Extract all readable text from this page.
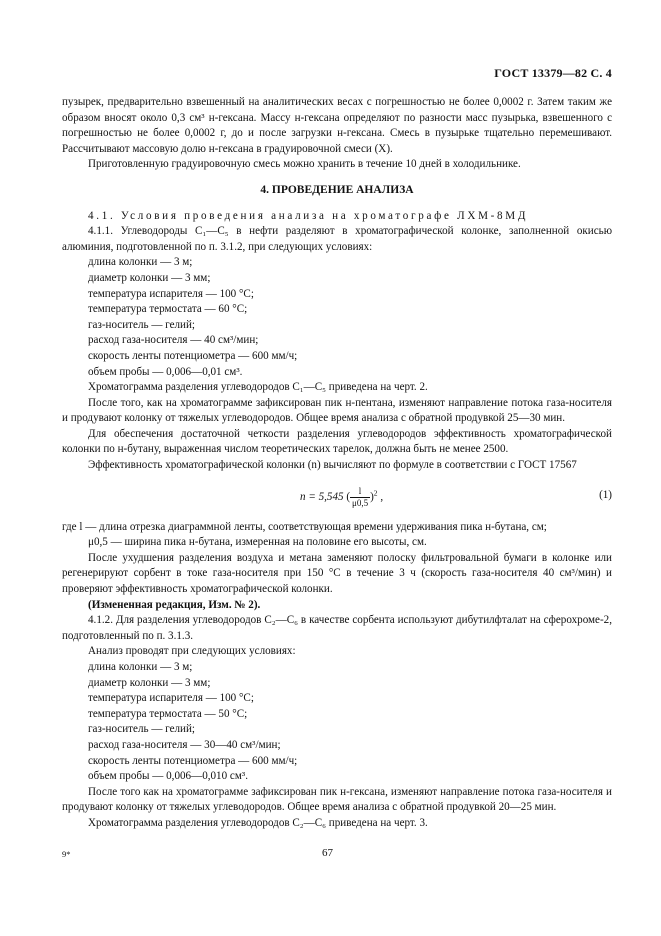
ГОСТ 13379—82 С. 4

пузырек, предварительно взвешенный на аналитических весах с погрешностью не более 0,0002 г. Затем таким же образом вносят около 0,3 см³ н-гексана. Массу н-гексана определяют по разности масс пузырька, взвешенного с погрешностью не более 0,0002 г, до и после загрузки н-гексана. Смесь в пузырьке тщательно перемешивают. Рассчитывают массовую долю н-гексана в градуировочной смеси (X).

Приготовленную градуировочную смесь можно хранить в течение 10 дней в холодильнике.

4. ПРОВЕДЕНИЕ АНАЛИЗА

4.1. Условия проведения анализа на хроматографе ЛХМ-8МД

4.1.1. Углеводороды С₁—С₅ в нефти разделяют в хроматографической колонке, заполненной окисью алюминия, подготовленной по п. 3.1.2, при следующих условиях:

длина колонки — 3 м;

диаметр колонки — 3 мм;

температура испарителя — 100 °С;

температура термостата — 60 °С;

газ-носитель — гелий;

расход газа-носителя — 40 см³/мин;

скорость ленты потенциометра — 600 мм/ч;

объем пробы — 0,006—0,01 см³.

Хроматограмма разделения углеводородов С₁—С₅ приведена на черт. 2.

После того, как на хроматограмме зафиксирован пик н-пентана, изменяют направление потока газа-носителя и продувают колонку от тяжелых углеводородов. Общее время анализа с обратной продувкой 25—30 мин.

Для обеспечения достаточной четкости разделения углеводородов эффективность хроматографической колонки по н-бутану, выраженная числом теоретических тарелок, должна быть не менее 2500.

Эффективность хроматографической колонки (n) вычисляют по формуле в соответствии с ГОСТ 17567

n = 5,545 ( $\frac{l}{\mu 0,5} )^2$ ,	(1)

где l — длина отрезка диаграммной ленты, соответствующая времени удерживания пика н-бутана, см;

μ0,5 — ширина пика н-бутана, измеренная на половине его высоты, см.

После ухудшения разделения воздуха и метана заменяют полоску фильтровальной бумаги в колонке или регенерируют сорбент в токе газа-носителя при 150 °С в течение 3 ч (скорость газа-носителя 40 см³/мин) и проверяют эффективность хроматографической колонки.

(Измененная редакция, Изм. № 2).

4.1.2. Для разделения углеводородов С₂—С₆ в качестве сорбента используют дибутилфталат на сферохроме-2, подготовленный по п. 3.1.3.

Анализ проводят при следующих условиях:

длина колонки — 3 м;

диаметр колонки — 3 мм;

температура испарителя — 100 °С;

температура термостата — 50 °С;

газ-носитель — гелий;

расход газа-носителя — 30—40 см³/мин;

скорость ленты потенциометра — 600 мм/ч;

объем пробы — 0,006—0,010 см³.

После того как на хроматограмме зафиксирован пик н-гексана, изменяют направление потока газа-носителя и продувают колонку от тяжелых углеводородов. Общее время анализа с обратной продувкой 20—25 мин.

Хроматограмма разделения углеводородов С₂—С₆ приведена на черт. 3.

9*	67
